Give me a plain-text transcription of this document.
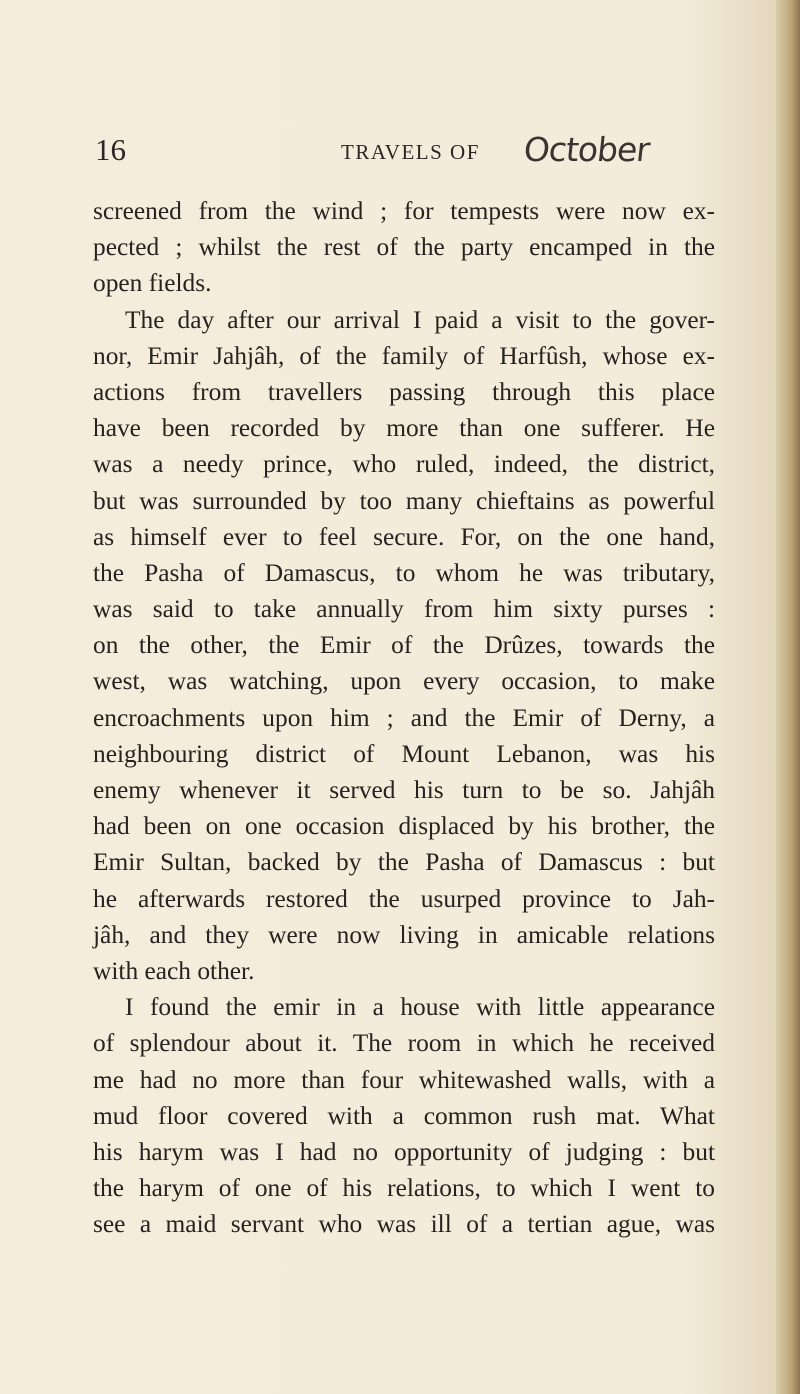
16	TRAVELS OF October

screened from the wind ; for tempests were now ex-

pected ; whilst the rest of the party encamped in the

open fields.

The day after our arrival I paid a visit to the gover-

nor, Emir Jahjâh, of the family of Harfûsh, whose ex-

actions from travellers passing through this place

have been recorded by more than one sufferer. He

was a needy prince, who ruled, indeed, the district,

but was surrounded by too many chieftains as powerful

as himself ever to feel secure. For, on the one hand,

the Pasha of Damascus, to whom he was tributary,

was said to take annually from him sixty purses :

on the other, the Emir of the Drûzes, towards the

west, was watching, upon every occasion, to make

encroachments upon him ; and the Emir of Derny, a

neighbouring district of Mount Lebanon, was his

enemy whenever it served his turn to be so. Jahjâh

had been on one occasion displaced by his brother, the

Emir Sultan, backed by the Pasha of Damascus : but

he afterwards restored the usurped province to Jah-

jâh, and they were now living in amicable relations

with each other.

I found the emir in a house with little appearance

of splendour about it. The room in which he received

me had no more than four whitewashed walls, with a

mud floor covered with a common rush mat. What

his harym was I had no opportunity of judging : but

the harym of one of his relations, to which I went to

see a maid servant who was ill of a tertian ague, was
